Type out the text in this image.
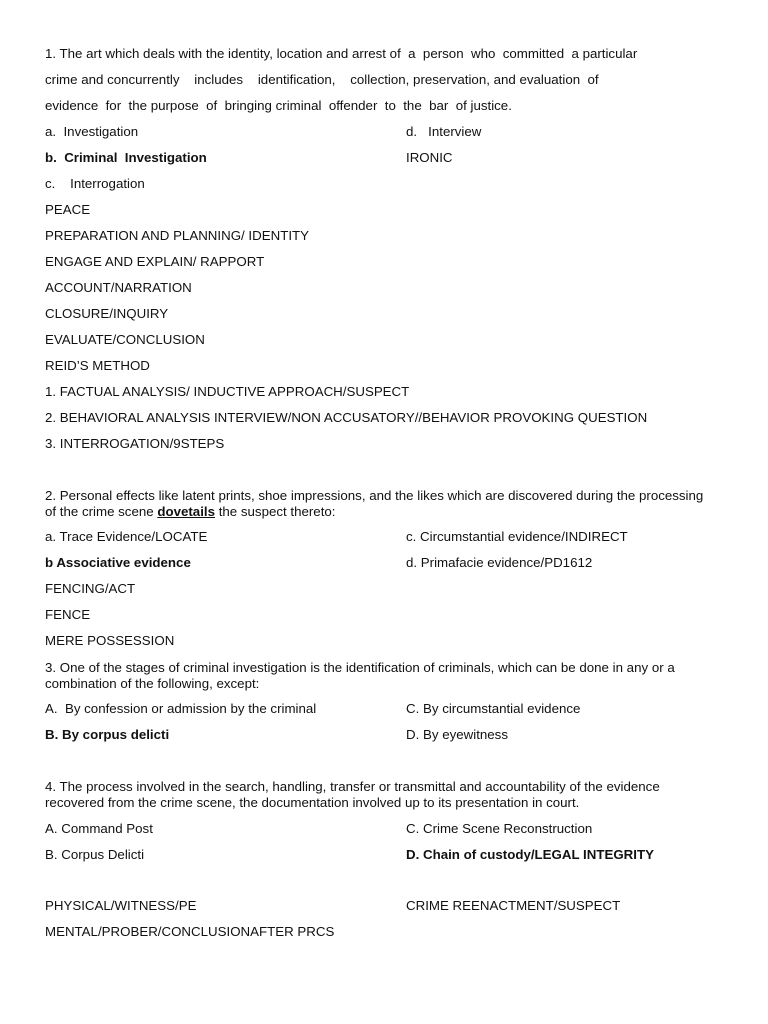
1. The art which deals with the identity, location and arrest of  a  person  who  committed  a particular
crime and concurrently    includes    identification,    collection, preservation, and evaluation  of
evidence  for  the purpose  of  bringing criminal  offender  to  the  bar  of justice.
a.  Investigation	d.   Interview
b.  Criminal  Investigation	IRONIC
c.    Interrogation
PEACE
PREPARATION AND PLANNING/ IDENTITY
ENGAGE AND EXPLAIN/ RAPPORT
ACCOUNT/NARRATION
CLOSURE/INQUIRY
EVALUATE/CONCLUSION
REID’S METHOD
1. FACTUAL ANALYSIS/ INDUCTIVE APPROACH/SUSPECT
2. BEHAVIORAL ANALYSIS INTERVIEW/NON ACCUSATORY//BEHAVIOR PROVOKING QUESTION
3. INTERROGATION/9STEPS
2. Personal effects like latent prints, shoe impressions, and the likes which are discovered during the processing of the crime scene dovetails the suspect thereto:
a. Trace Evidence/LOCATE	c. Circumstantial evidence/INDIRECT
b Associative evidence	d. Primafacie evidence/PD1612
FENCING/ACT
FENCE
MERE POSSESSION
3. One of the stages of criminal investigation is the identification of criminals, which can be done in any or a combination of the following, except:
A.  By confession or admission by the criminal	C. By circumstantial evidence
B. By corpus delicti	D. By eyewitness
4. The process involved in the search, handling, transfer or transmittal and accountability of the evidence recovered from the crime scene, the documentation involved up to its presentation in court.
A. Command Post	C. Crime Scene Reconstruction
B. Corpus Delicti	D. Chain of custody/LEGAL INTEGRITY
PHYSICAL/WITNESS/PE	CRIME REENACTMENT/SUSPECT
MENTAL/PROBER/CONCLUSIONAFTER PRCS
